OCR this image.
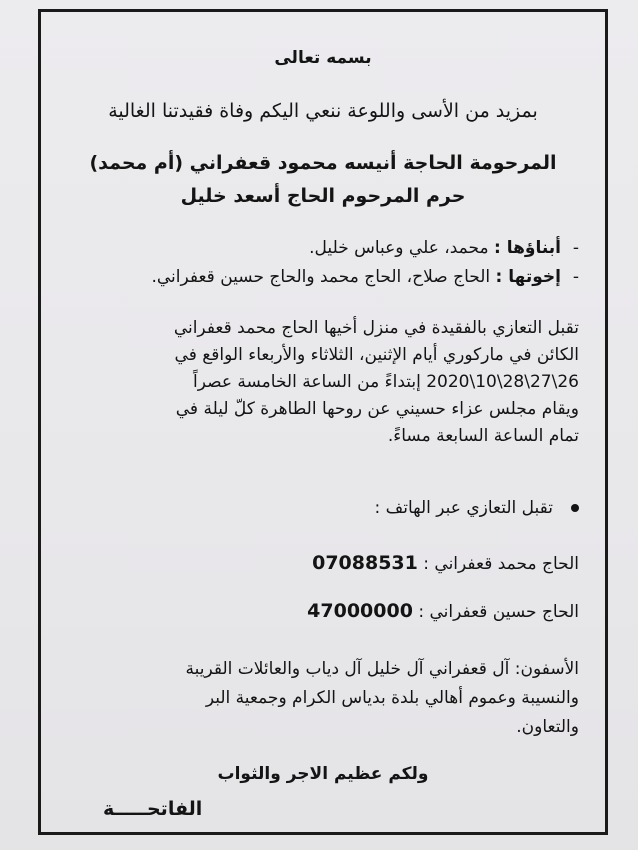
بسمه تعالى
بمزيد من الأسى واللوعة ننعي اليكم وفاة فقيدتنا الغالية
المرحومة الحاجة أنيسه محمود قعفراني (أم محمد)
حرم المرحوم الحاج أسعد خليل
-أبناؤها : محمد، علي وعباس خليل.
-إخوتها : الحاج صلاح، الحاج محمد والحاج حسين قعفراني.
تقبل التعازي بالفقيدة في منزل أخيها الحاج محمد قعفراني
الكائن في ماركوري أيام الإثنين، الثلاثاء والأربعاء الواقع في
26\27\28\10\2020 إبتداءً من الساعة الخامسة عصراً
ويقام مجلس عزاء حسيني عن روحها الطاهرة كلّ ليلة في
تمام الساعة السابعة مساءً.
تقبل التعازي عبر الهاتف :
الحاج محمد قعفراني : 07088531
الحاج حسين قعفراني : 47000000
الأسفون: آل قعفراني آل خليل آل دياب والعائلات القريبة
والنسيبة وعموم أهالي بلدة بدياس الكرام وجمعية البر
والتعاون.
ولكم عظيم الاجر والثواب
الفاتحـــــة
